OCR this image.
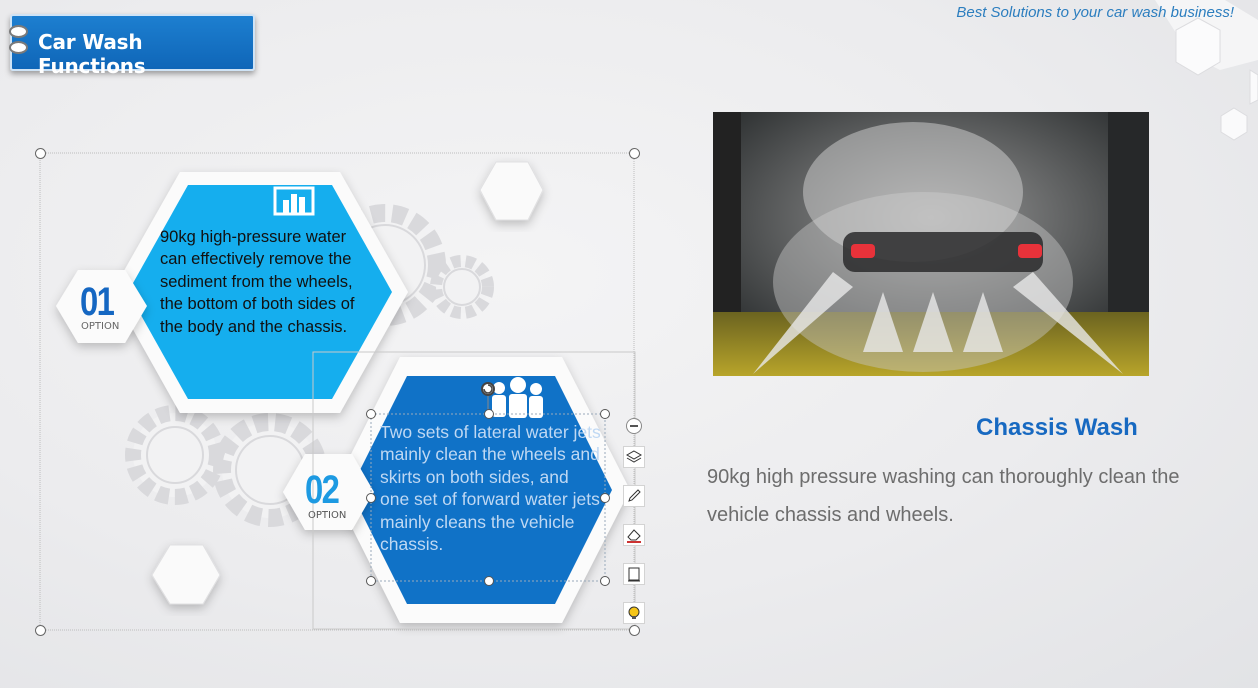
Car Wash Functions
Best Solutions to your car wash business!
01
OPTION
90kg high-pressure water can effectively remove the sediment from the wheels, the bottom of both sides of the body and the chassis.
02
OPTION
Two sets of lateral water jets mainly clean the wheels and skirts on both sides, and one set of forward water jets mainly cleans the vehicle chassis.
Chassis Wash
90kg high pressure washing can thoroughly clean the vehicle chassis and wheels.
